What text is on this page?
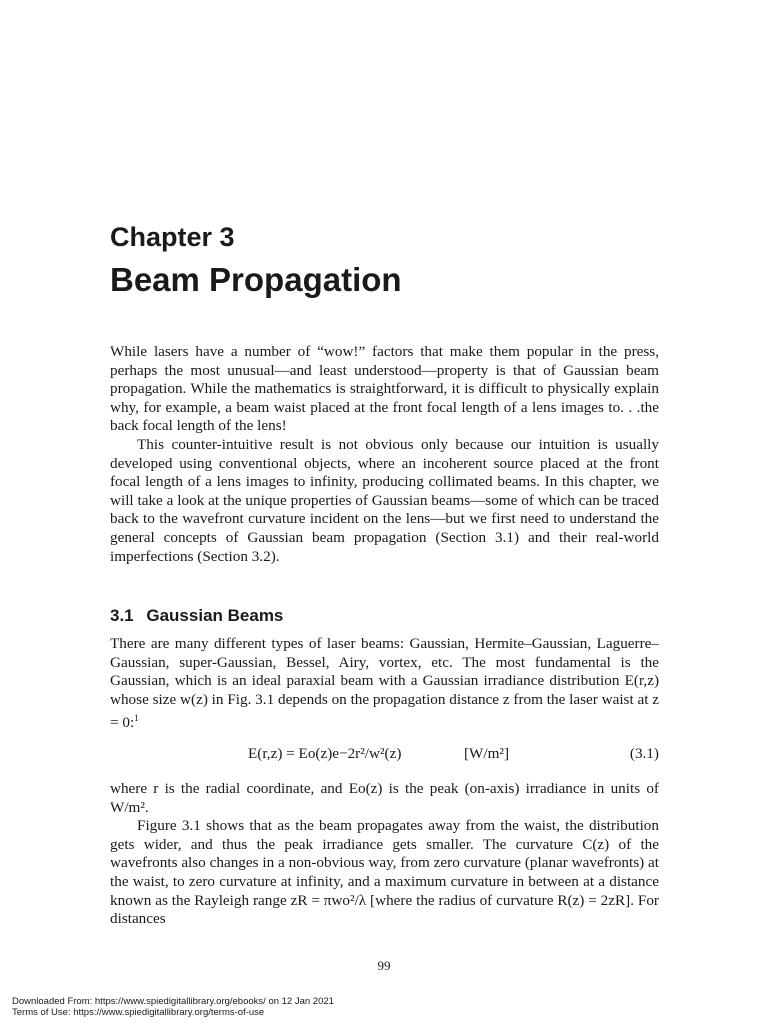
Chapter 3
Beam Propagation

While lasers have a number of “wow!” factors that make them popular in the press, perhaps the most unusual—and least understood—property is that of Gaussian beam propagation. While the mathematics is straightforward, it is difficult to physically explain why, for example, a beam waist placed at the front focal length of a lens images to. . .the back focal length of the lens!

This counter-intuitive result is not obvious only because our intuition is usually developed using conventional objects, where an incoherent source placed at the front focal length of a lens images to infinity, producing collimated beams. In this chapter, we will take a look at the unique properties of Gaussian beams—some of which can be traced back to the wavefront curvature incident on the lens—but we first need to understand the general concepts of Gaussian beam propagation (Section 3.1) and their real-world imperfections (Section 3.2).

3.1 Gaussian Beams

There are many different types of laser beams: Gaussian, Hermite–Gaussian, Laguerre–Gaussian, super-Gaussian, Bessel, Airy, vortex, etc. The most fundamental is the Gaussian, which is an ideal paraxial beam with a Gaussian irradiance distribution E(r,z) whose size w(z) in Fig. 3.1 depends on the propagation distance z from the laser waist at z = 0:$^1$

E(r,z) = Eo(z)e−2r²/w²(z)	[W/m²]	(3.1)

where r is the radial coordinate, and Eo(z) is the peak (on-axis) irradiance in units of W/m².

Figure 3.1 shows that as the beam propagates away from the waist, the distribution gets wider, and thus the peak irradiance gets smaller. The curvature C(z) of the wavefronts also changes in a non-obvious way, from zero curvature (planar wavefronts) at the waist, to zero curvature at infinity, and a maximum curvature in between at a distance known as the Rayleigh range zR = πwo²/λ [where the radius of curvature R(z) = 2zR]. For distances

99
Downloaded From: https://www.spiedigitallibrary.org/ebooks/ on 12 Jan 2021
Terms of Use: https://www.spiedigitallibrary.org/terms-of-use
